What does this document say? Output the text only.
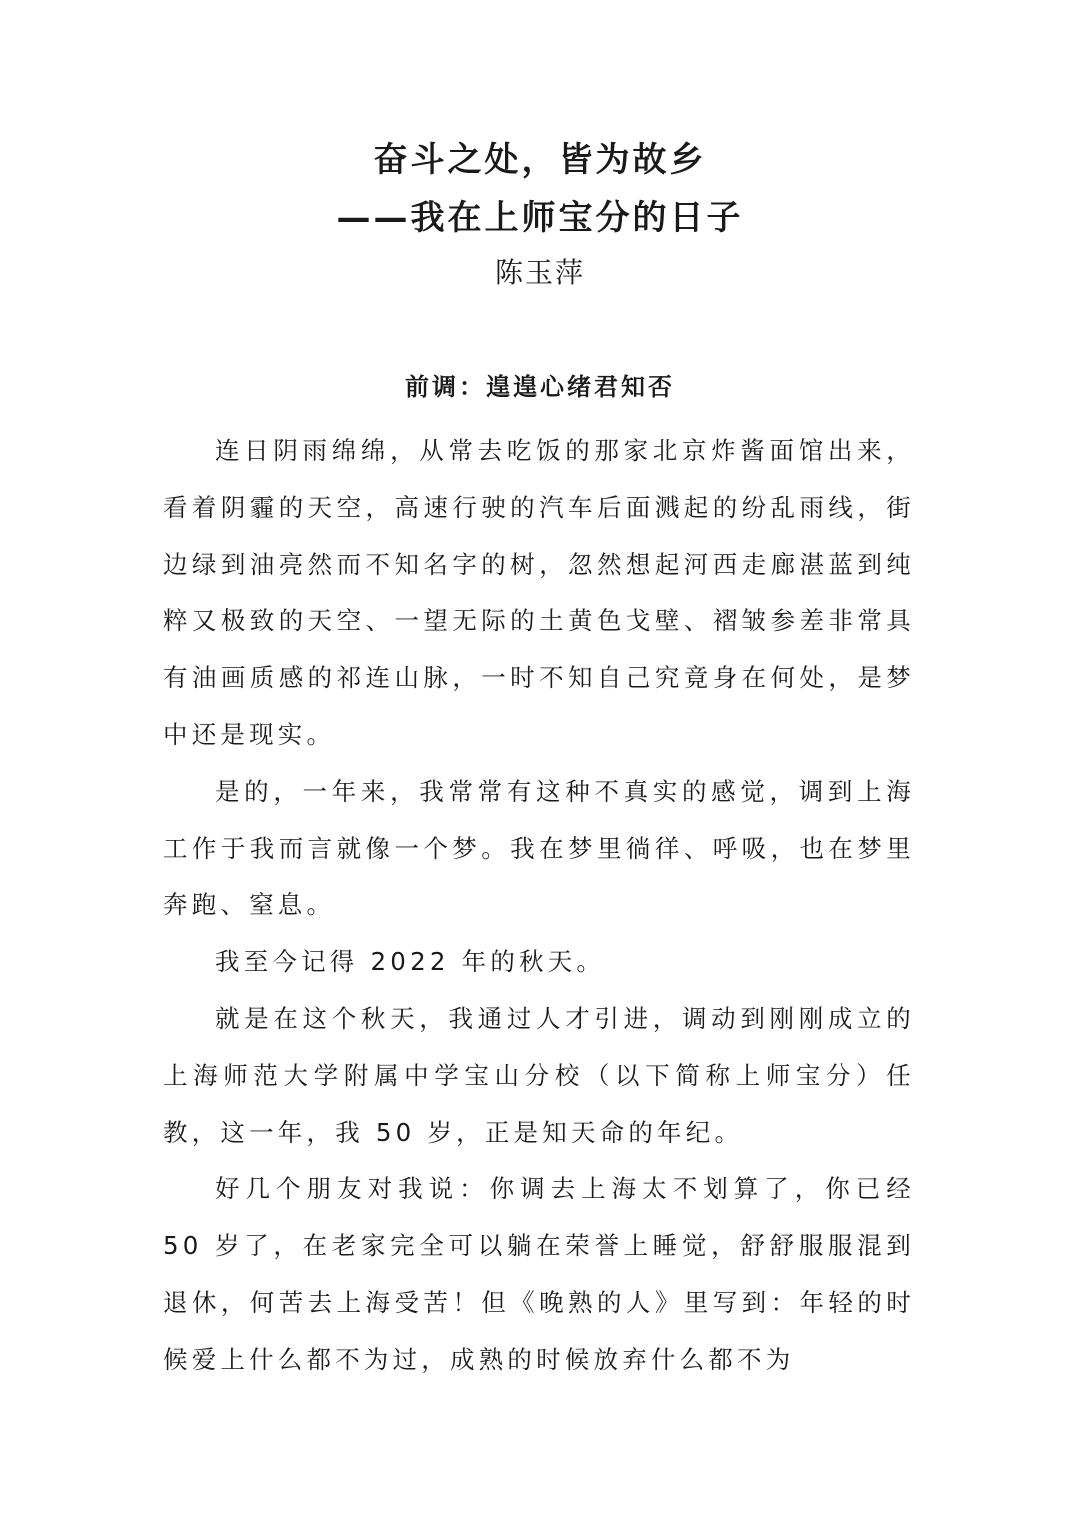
奋斗之处，皆为故乡
——我在上师宝分的日子
陈玉萍
前调：遑遑心绪君知否

连日阴雨绵绵，从常去吃饭的那家北京炸酱面馆出来，看着阴霾的天空，高速行驶的汽车后面溅起的纷乱雨线，街边绿到油亮然而不知名字的树，忽然想起河西走廊湛蓝到纯粹又极致的天空、一望无际的土黄色戈壁、褶皱参差非常具有油画质感的祁连山脉，一时不知自己究竟身在何处，是梦中还是现实。

是的，一年来，我常常有这种不真实的感觉，调到上海工作于我而言就像一个梦。我在梦里徜徉、呼吸，也在梦里奔跑、窒息。

我至今记得 2022 年的秋天。

就是在这个秋天，我通过人才引进，调动到刚刚成立的上海师范大学附属中学宝山分校（以下简称上师宝分）任教，这一年，我 50 岁，正是知天命的年纪。

好几个朋友对我说：你调去上海太不划算了，你已经 50 岁了，在老家完全可以躺在荣誉上睡觉，舒舒服服混到退休，何苦去上海受苦！但《晚熟的人》里写到：年轻的时候爱上什么都不为过，成熟的时候放弃什么都不为
